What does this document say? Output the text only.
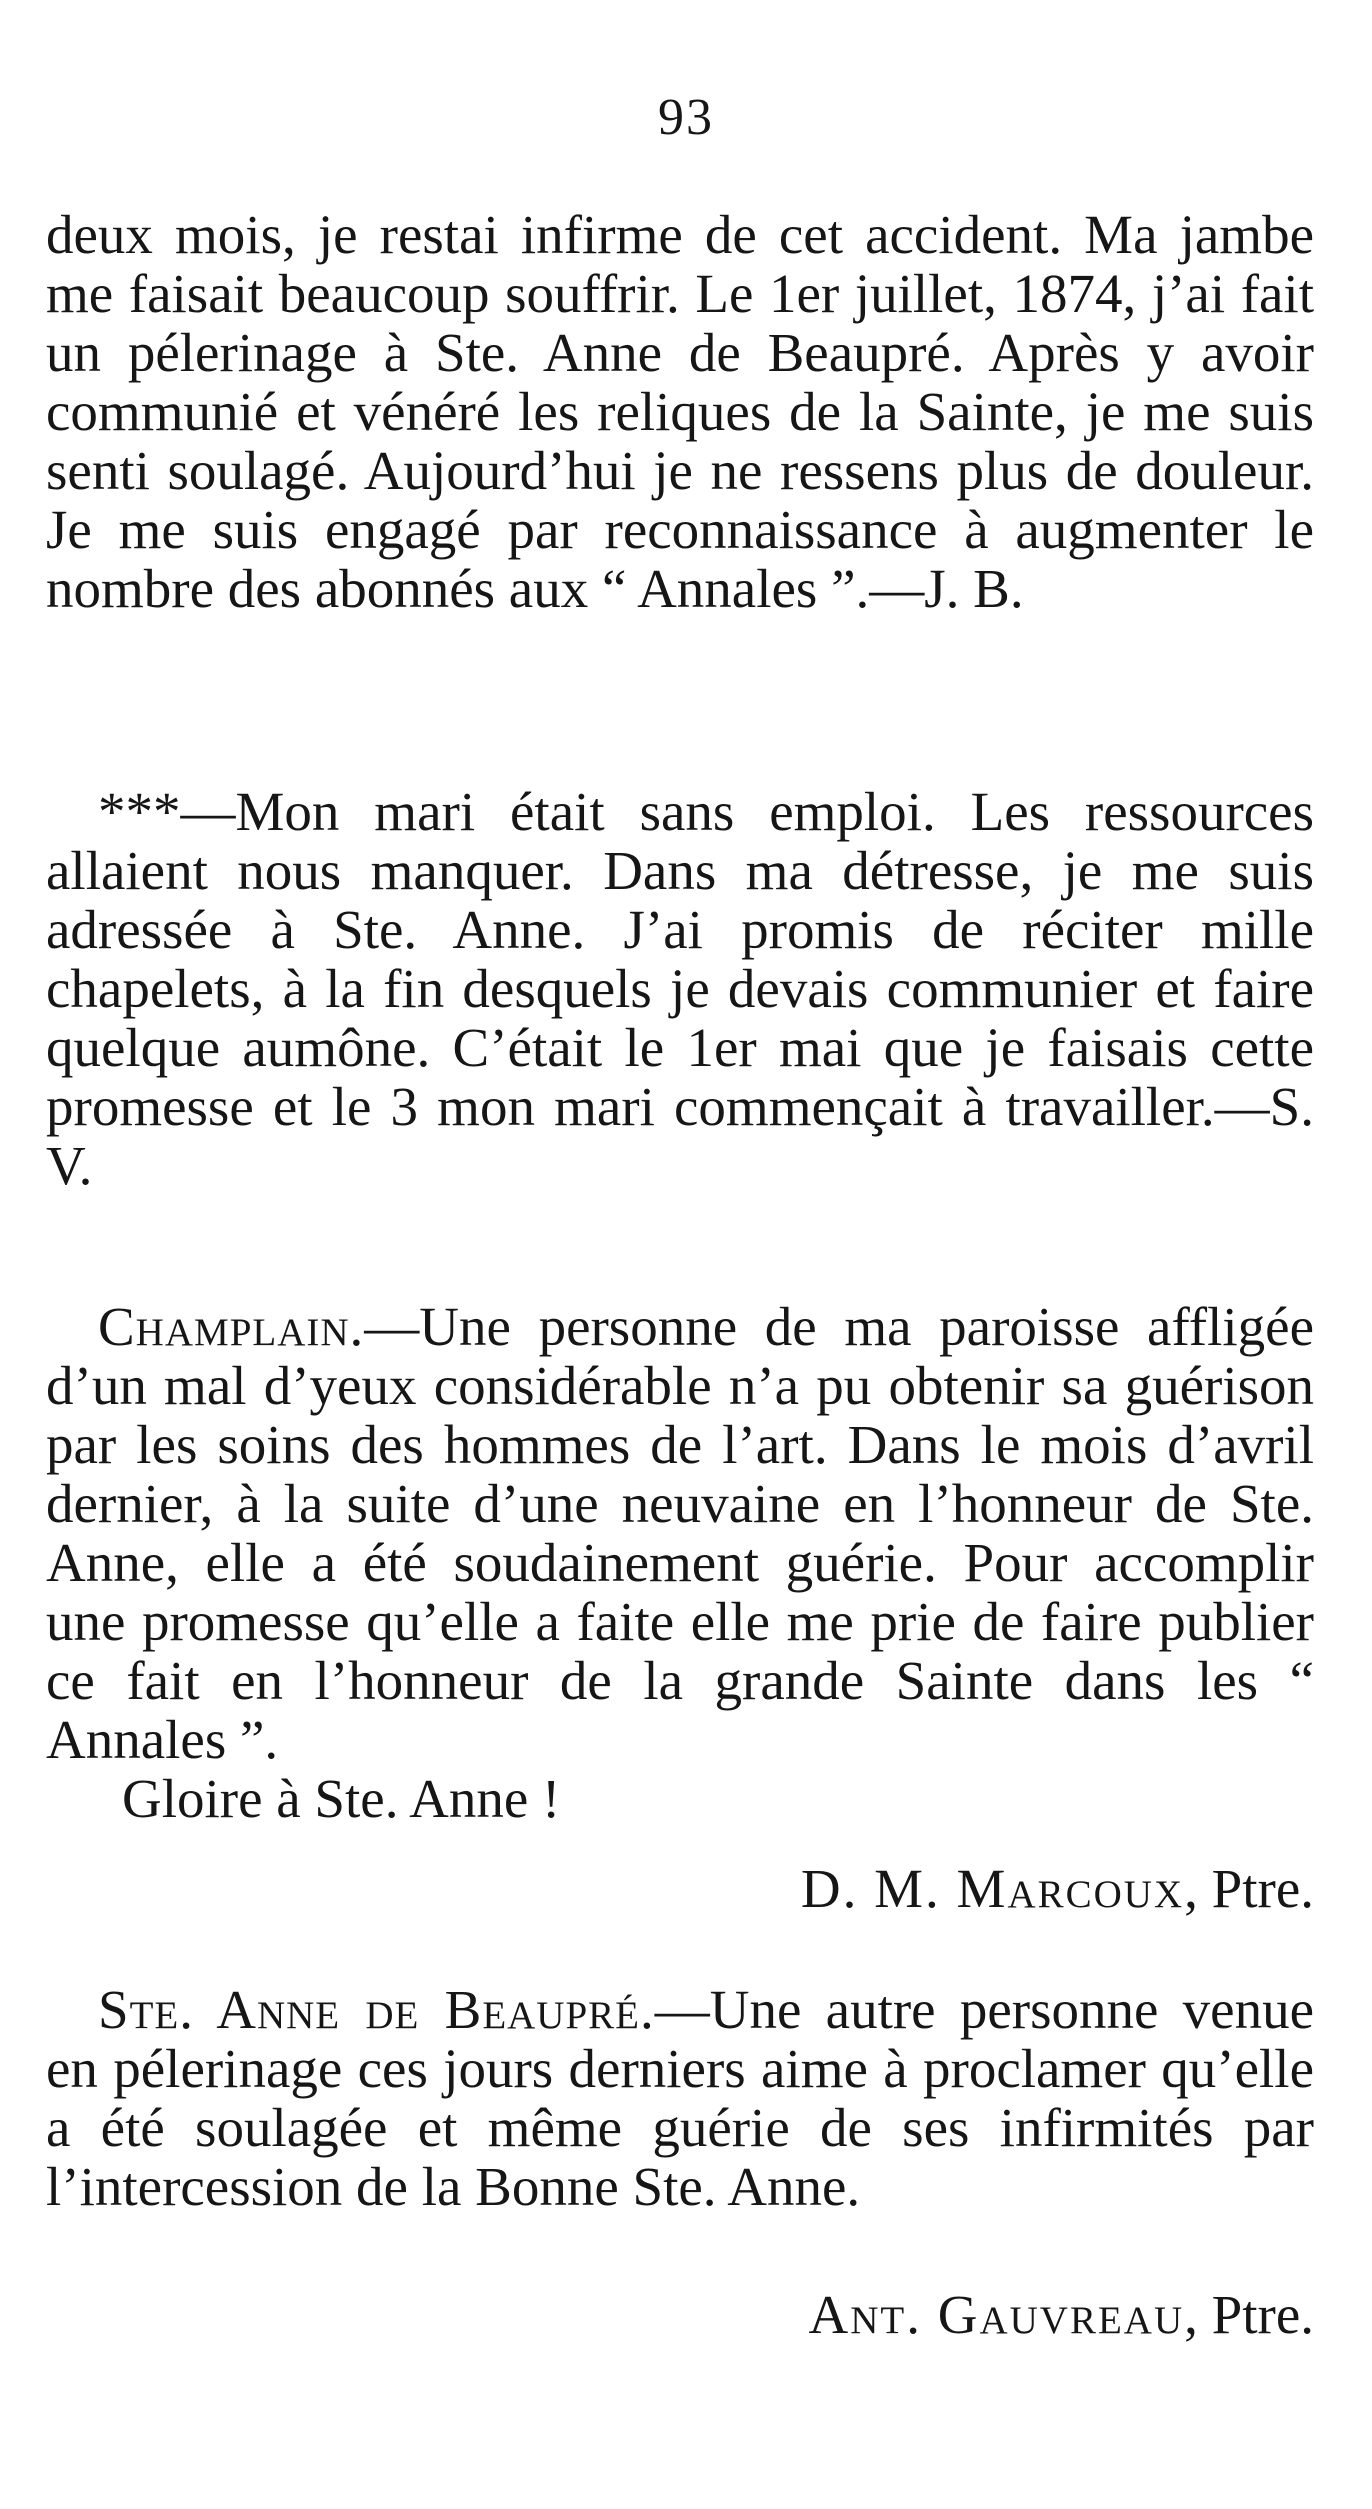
93
deux mois, je restai infirme de cet accident. Ma jambe me faisait beaucoup souffrir. Le 1er juillet, 1874, j’ai fait un pélerinage à Ste. Anne de Beaupré. Après y avoir communié et vénéré les reliques de la Sainte, je me suis senti soulagé. Aujourd’hui je ne ressens plus de douleur. Je me suis engagé par reconnaissance à augmenter le nombre des abonnés aux “ Annales ”.—J. B.
***—Mon mari était sans emploi. Les ressources allaient nous manquer. Dans ma détresse, je me suis adressée à Ste. Anne. J’ai promis de réciter mille chapelets, à la fin desquels je devais communier et faire quelque aumône. C’était le 1er mai que je faisais cette promesse et le 3 mon mari commençait à travailler.—S. V.
Champlain.—Une personne de ma paroisse affligée d’un mal d’yeux considérable n’a pu obtenir sa guérison par les soins des hommes de l’art. Dans le mois d’avril dernier, à la suite d’une neuvaine en l’honneur de Ste. Anne, elle a été soudainement guérie. Pour accomplir une promesse qu’elle a faite elle me prie de faire publier ce fait en l’honneur de la grande Sainte dans les “ Annales ”.
Gloire à Ste. Anne !
D. M. Marcoux, Ptre.
Ste. Anne de Beaupré.—Une autre personne venue en pélerinage ces jours derniers aime à proclamer qu’elle a été soulagée et même guérie de ses infirmités par l’intercession de la Bonne Ste. Anne.
Ant. Gauvreau, Ptre.
